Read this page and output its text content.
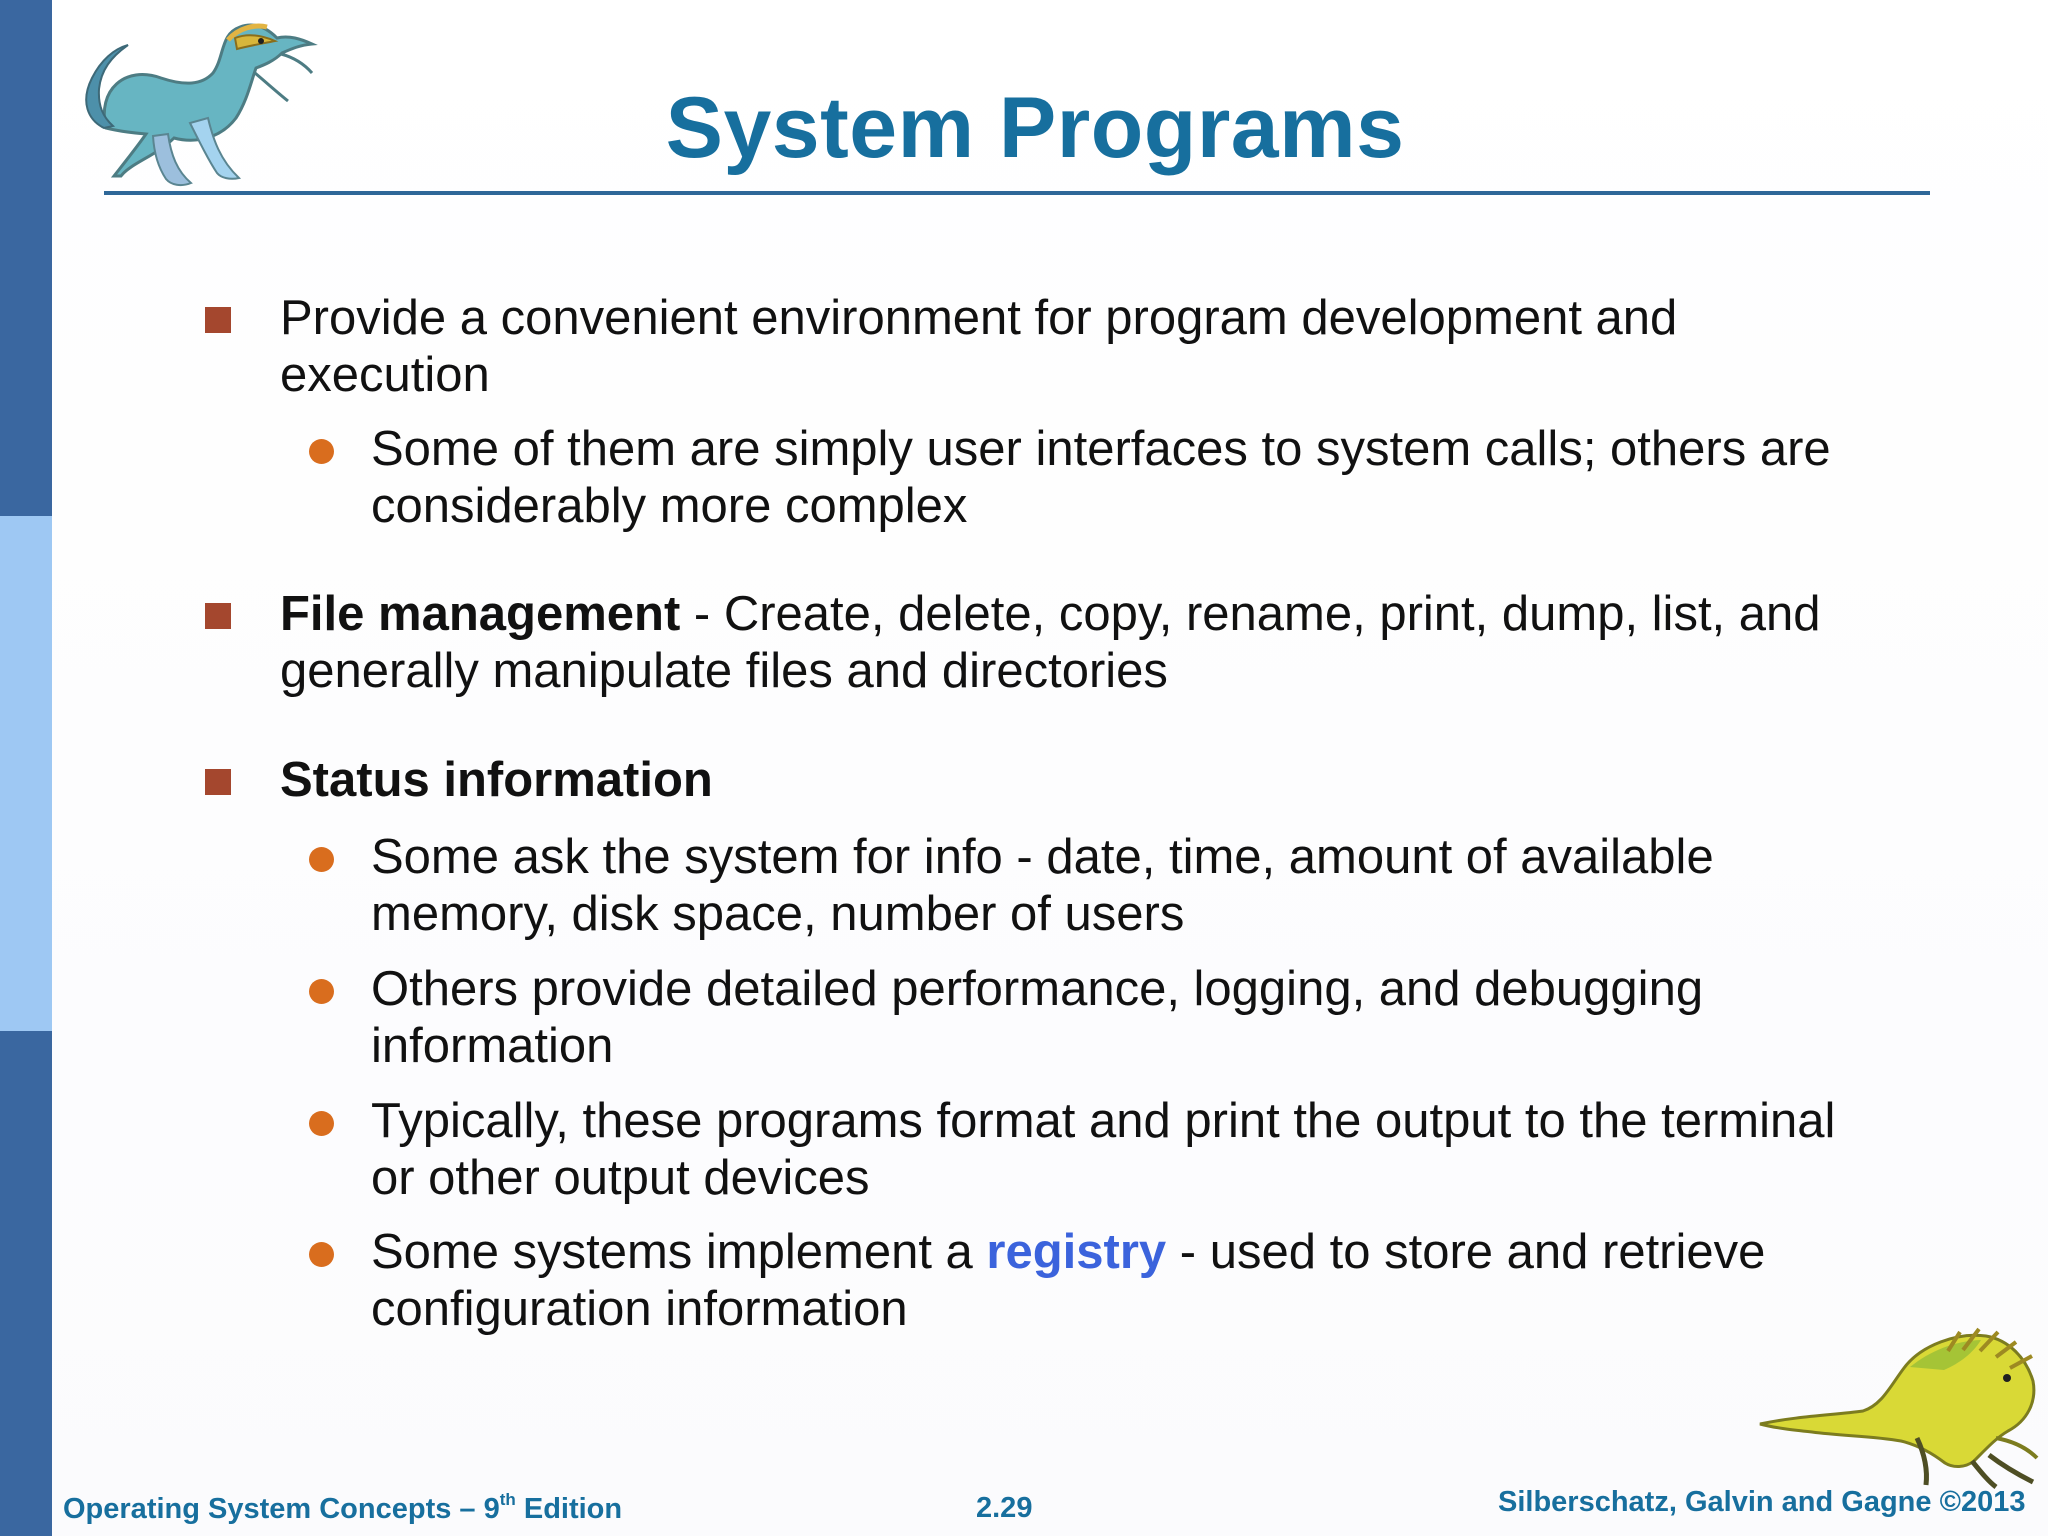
System Programs

Provide a convenient environment for program development and execution

Some of them are simply user interfaces to system calls; others are considerably more complex

File management - Create, delete, copy, rename, print, dump, list, and generally manipulate files and directories

Status information

Some ask the system for info - date, time, amount of available memory, disk space, number of users

Others provide detailed performance, logging, and debugging information

Typically, these programs format and print the output to the terminal or other output devices

Some systems implement a registry - used to store and retrieve configuration information

Operating System Concepts – 9th Edition	2.29	Silberschatz, Galvin and Gagne ©2013
